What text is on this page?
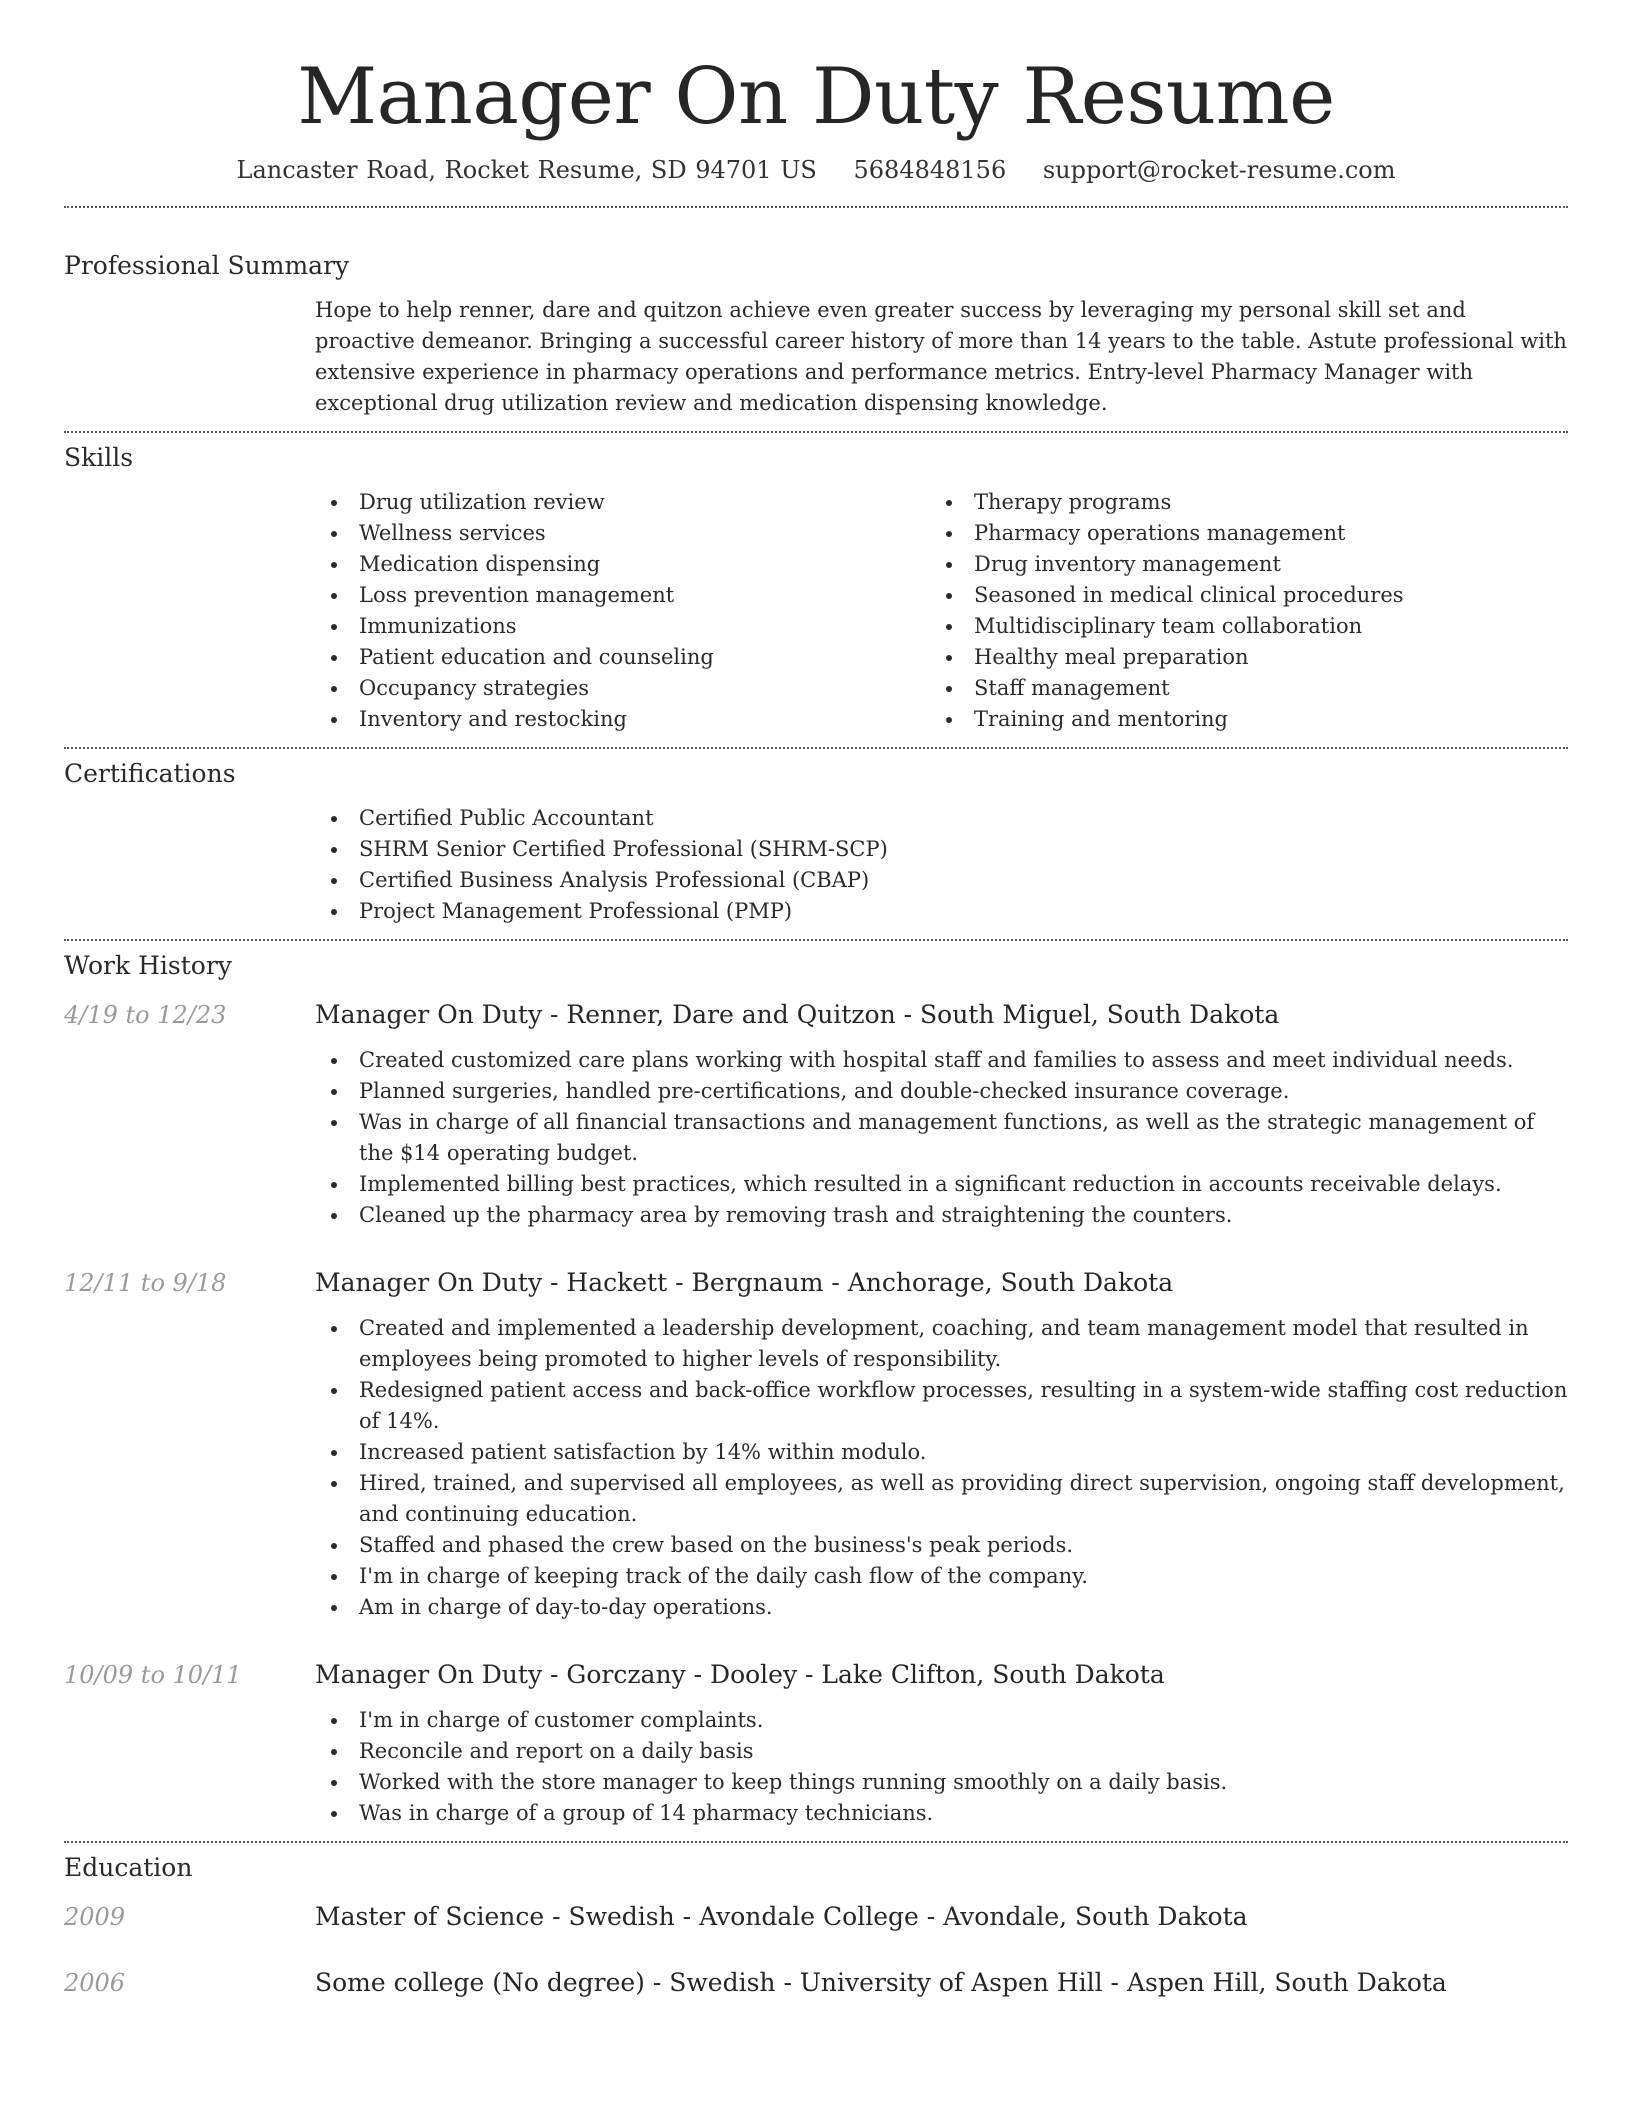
Manager On Duty Resume
Lancaster Road, Rocket Resume, SD 94701 US 5684848156 support@rocket-resume.com
Professional Summary
Hope to help renner, dare and quitzon achieve even greater success by leveraging my personal skill set and proactive demeanor. Bringing a successful career history of more than 14 years to the table. Astute professional with extensive experience in pharmacy operations and performance metrics. Entry-level Pharmacy Manager with exceptional drug utilization review and medication dispensing knowledge.
Skills
Drug utilization review
Wellness services
Medication dispensing
Loss prevention management
Immunizations
Patient education and counseling
Occupancy strategies
Inventory and restocking
Therapy programs
Pharmacy operations management
Drug inventory management
Seasoned in medical clinical procedures
Multidisciplinary team collaboration
Healthy meal preparation
Staff management
Training and mentoring
Certifications
Certified Public Accountant
SHRM Senior Certified Professional (SHRM-SCP)
Certified Business Analysis Professional (CBAP)
Project Management Professional (PMP)
Work History
4/19 to 12/23	Manager On Duty - Renner, Dare and Quitzon - South Miguel, South Dakota
Created customized care plans working with hospital staff and families to assess and meet individual needs.
Planned surgeries, handled pre-certifications, and double-checked insurance coverage.
Was in charge of all financial transactions and management functions, as well as the strategic management of the $14 operating budget.
Implemented billing best practices, which resulted in a significant reduction in accounts receivable delays.
Cleaned up the pharmacy area by removing trash and straightening the counters.
12/11 to 9/18	Manager On Duty - Hackett - Bergnaum - Anchorage, South Dakota
Created and implemented a leadership development, coaching, and team management model that resulted in employees being promoted to higher levels of responsibility.
Redesigned patient access and back-office workflow processes, resulting in a system-wide staffing cost reduction of 14%.
Increased patient satisfaction by 14% within modulo.
Hired, trained, and supervised all employees, as well as providing direct supervision, ongoing staff development, and continuing education.
Staffed and phased the crew based on the business's peak periods.
I'm in charge of keeping track of the daily cash flow of the company.
Am in charge of day-to-day operations.
10/09 to 10/11	Manager On Duty - Gorczany - Dooley - Lake Clifton, South Dakota
I'm in charge of customer complaints.
Reconcile and report on a daily basis
Worked with the store manager to keep things running smoothly on a daily basis.
Was in charge of a group of 14 pharmacy technicians.
Education
2009	Master of Science - Swedish - Avondale College - Avondale, South Dakota
2006	Some college (No degree) - Swedish - University of Aspen Hill - Aspen Hill, South Dakota
